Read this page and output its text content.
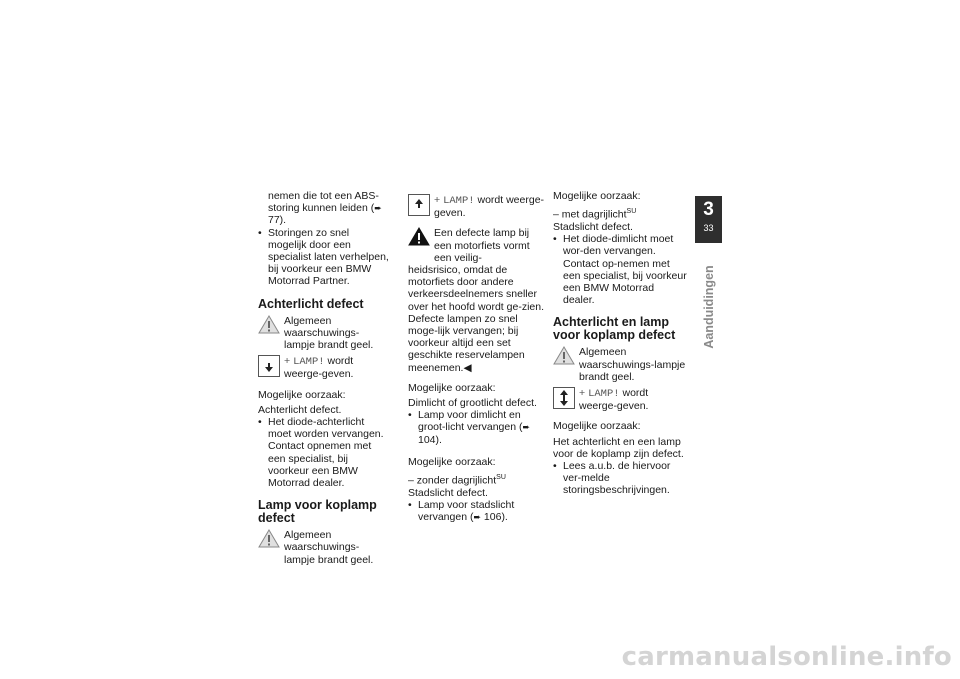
nemen die tot een ABS-storing kunnen leiden (➨ 77).

• Storingen zo snel mogelijk door een specialist laten verhelpen, bij voorkeur een BMW Motorrad Partner.
Achterlicht defect
Algemeen waarschuwings-lampje brandt geel.
+ LAMP! wordt weerge-geven.

Mogelijke oorzaak:

Achterlicht defect.

• Het diode-achterlicht moet worden vervangen. Contact opnemen met een specialist, bij voorkeur een BMW Motorrad dealer.
Lamp voor koplamp defect
Algemeen waarschuwings-lampje brandt geel.
+ LAMP! wordt weerge-geven.
Een defecte lamp bij een motorfiets vormt een veilig-

heidsrisico, omdat de motorfiets door andere verkeersdeelnemers sneller over het hoofd wordt ge-zien.

Defecte lampen zo snel moge-lijk vervangen; bij voorkeur altijd een set geschikte reservelampen meenemen.◀

Mogelijke oorzaak:

Dimlicht of grootlicht defect.

• Lamp voor dimlicht en groot-licht vervangen (➨ 104).

Mogelijke oorzaak:

– zonder dagrijlicht$^{SU}$

Stadslicht defect.

• Lamp voor stadslicht vervangen (➨ 106).

Mogelijke oorzaak:

– met dagrijlicht$^{SU}$

Stadslicht defect.

• Het diode-dimlicht moet wor-den vervangen. Contact op-nemen met een specialist, bij voorkeur een BMW Motorrad dealer.
Achterlicht en lamp voor koplamp defect
Algemeen waarschuwings-lampje brandt geel.
+ LAMP! wordt weerge-geven.

Mogelijke oorzaak:

Het achterlicht en een lamp voor de koplamp zijn defect.

• Lees a.u.b. de hiervoor ver-melde storingsbeschrijvingen.
3
33
Aanduidingen
carmanualsonline.info
